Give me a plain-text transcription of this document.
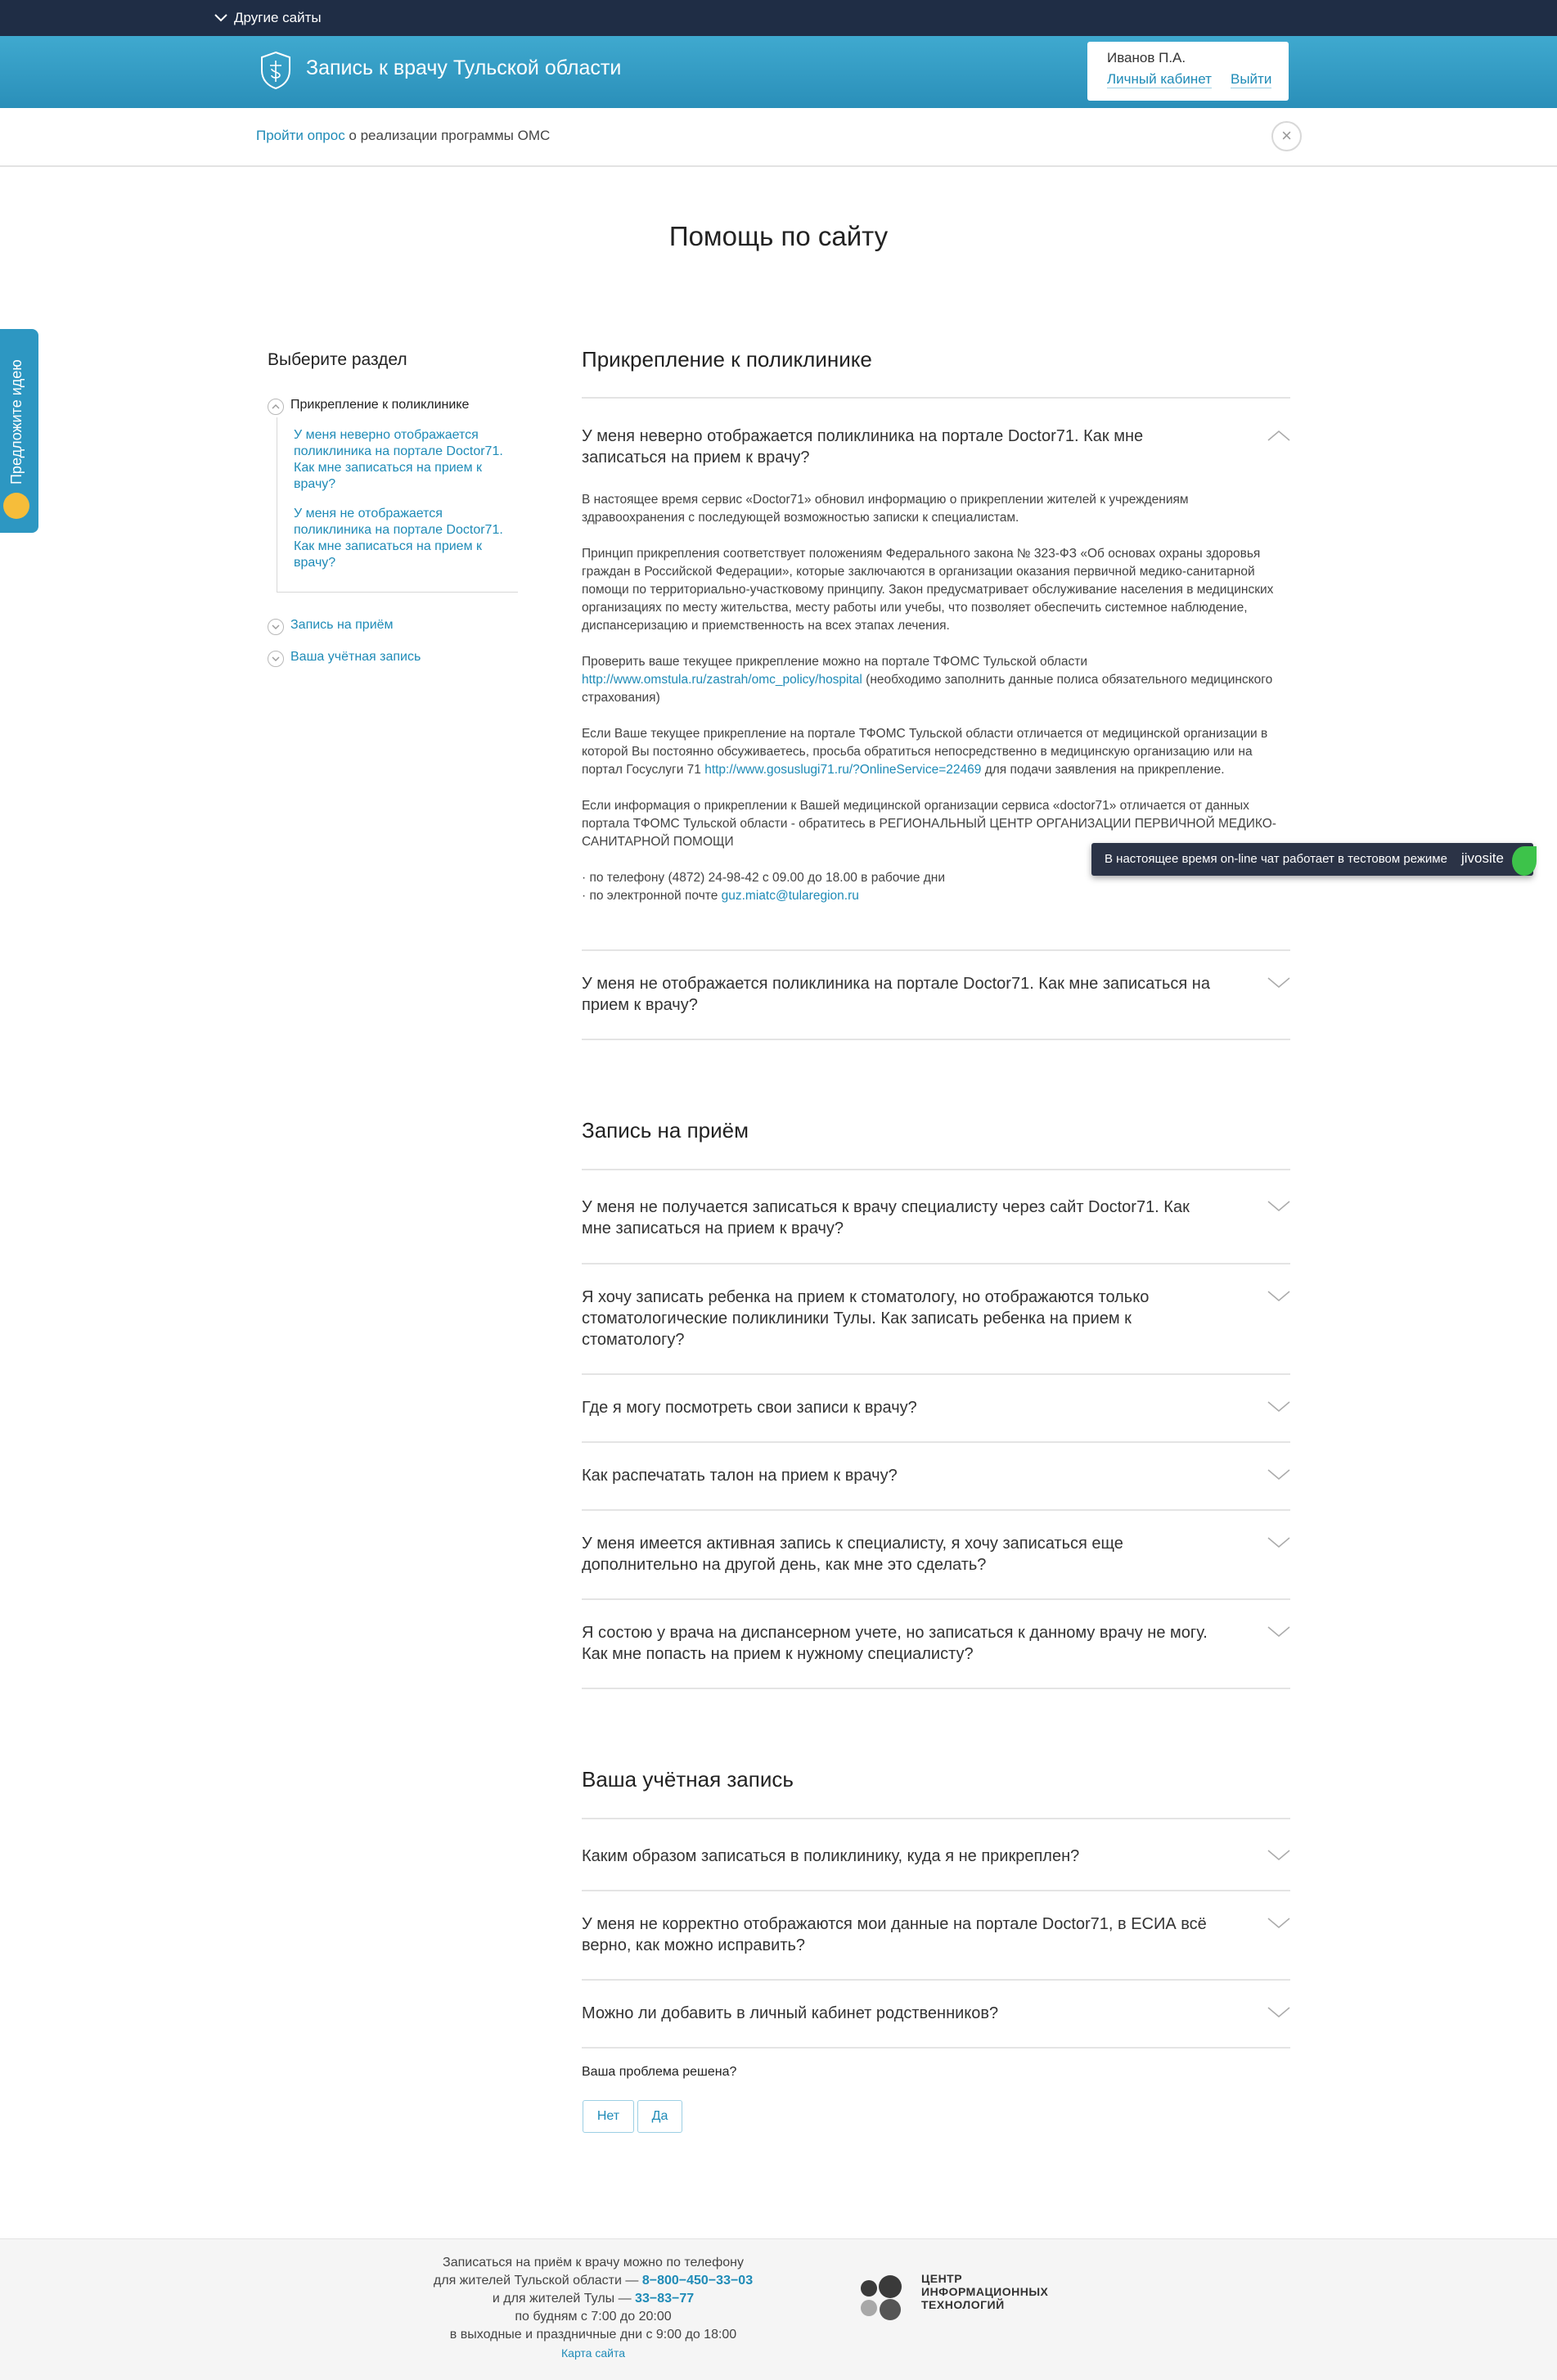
Другие сайты
Запись к врачу Тульской области	Иванов П.А.
Личный кабинет Выйти
Пройти опрос о реализации программы ОМС	×
Помощь по сайту
Предложите идею	Выберите раздел
Прикрепление к поликлинике
У меня неверно отображается поликлиника на портале Doctor71. Как мне записаться на прием к врачу?
У меня не отображается поликлиника на портале Doctor71. Как мне записаться на прием к врачу?
Запись на приём
Ваша учётная запись
Прикрепление к поликлинике
У меня неверно отображается поликлиника на портале Doctor71. Как мне записаться на прием к врачу?

В настоящее время сервис «Doctor71» обновил информацию о прикреплении жителей к учреждениям здравоохранения с последующей возможностью записки к специалистам.

Принцип прикрепления соответствует положениям Федерального закона № 323-ФЗ «Об основах охраны здоровья граждан в Российской Федерации», которые заключаются в организации оказания первичной медико-санитарной помощи по территориально-участковому принципу. Закон предусматривает обслуживание населения в медицинских организациях по месту жительства, месту работы или учебы, что позволяет обеспечить системное наблюдение, диспансеризацию и приемственность на всех этапах лечения.

Проверить ваше текущее прикрепление можно на портале ТФОМС Тульской области
http://www.omstula.ru/zastrah/omc_policy/hospital (необходимо заполнить данные полиса обязательного медицинского страхования)

Если Ваше текущее прикрепление на портале ТФОМС Тульской области отличается от медицинской организации в которой Вы постоянно обсуживаетесь, просьба обратиться непосредственно в медицинскую организацию или на портал Госуслуги 71 http://www.gosuslugi71.ru/?OnlineService=22469 для подачи заявления на прикрепление.

Если информация о прикреплении к Вашей медицинской организации сервиса «doctor71» отличается от данных портала ТФОМС Тульской области - обратитесь в РЕГИОНАЛЬНЫЙ ЦЕНТР ОРГАНИЗАЦИИ ПЕРВИЧНОЙ МЕДИКО-САНИТАРНОЙ ПОМОЩИ

· по телефону (4872) 24-98-42 с 09.00 до 18.00 в рабочие дни
· по электронной почте guz.miatc@tularegion.ru
У меня не отображается поликлиника на портале Doctor71. Как мне записаться на прием к врачу?
Запись на приём
У меня не получается записаться к врачу специалисту через сайт Doctor71. Как мне записаться на прием к врачу?
Я хочу записать ребенка на прием к стоматологу, но отображаются только стоматологические поликлиники Тулы. Как записать ребенка на прием к стоматологу?
Где я могу посмотреть свои записи к врачу?
Как распечатать талон на прием к врачу?
У меня имеется активная запись к специалисту, я хочу записаться еще дополнительно на другой день, как мне это сделать?
Я состою у врача на диспансерном учете, но записаться к данному врачу не могу. Как мне попасть на прием к нужному специалисту?
Ваша учётная запись
Каким образом записаться в поликлинику, куда я не прикреплен?
У меня не корректно отображаются мои данные на портале Doctor71, в ЕСИА всё верно, как можно исправить?
Можно ли добавить в личный кабинет родственников?
Ваша проблема решена?
Нет	Да
В настоящее время on-line чат работает в тестовом режиме jivosite
Записаться на приём к врачу можно по телефону
для жителей Тульской области — 8−800−450−33−03
и для жителей Тулы — 33−83−77
по будням с 7:00 до 20:00
в выходные и праздничные дни с 9:00 до 18:00
Карта сайта
ЦЕНТР
ИНФОРМАЦИОННЫХ
ТЕХНОЛОГИЙ
